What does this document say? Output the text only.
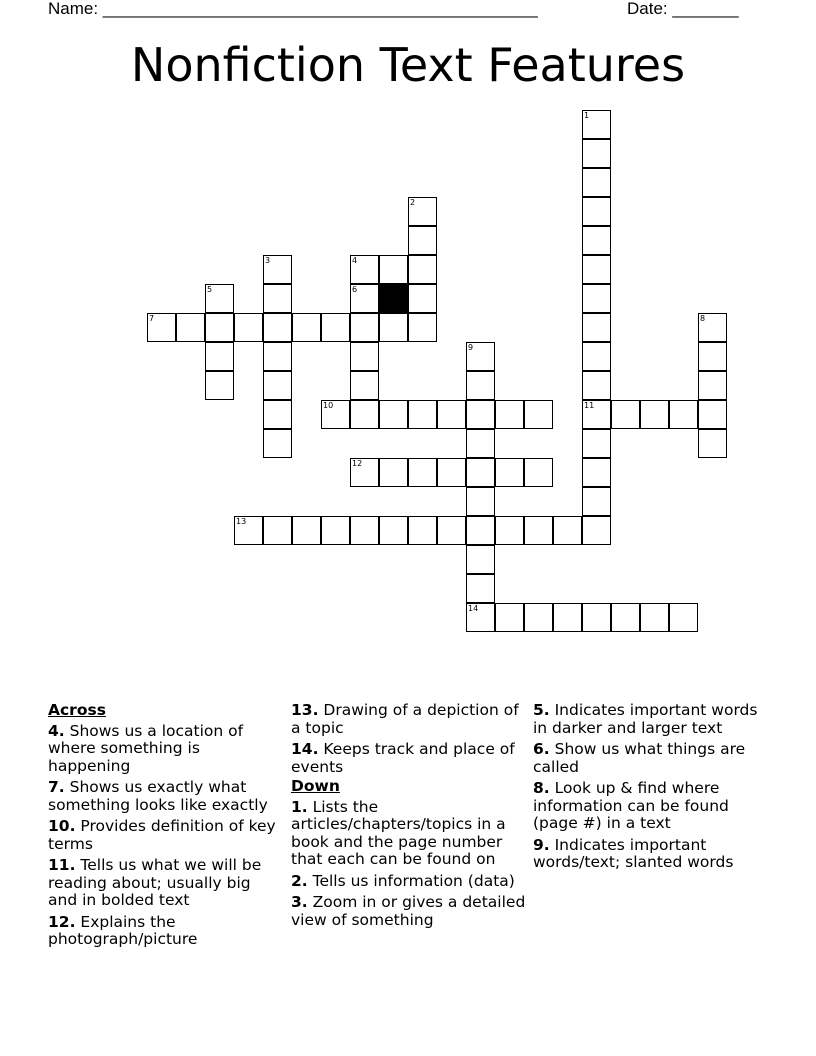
Name: ______________________________________________	Date: _______
Nonfiction Text Features
4
7
10	11
12
13
14
1
2
3
5	6
8
9
Across
4. Shows us a location of where something is happening
7. Shows us exactly what something looks like exactly
10. Provides definition of key terms
11. Tells us what we will be reading about; usually big and in bolded text
12. Explains the photograph/picture
13. Drawing of a depiction of a topic
14. Keeps track and place of events
Down
1. Lists the articles/chapters/topics in a book and the page number that each can be found on
2. Tells us information (data)
3. Zoom in or gives a detailed view of something
5. Indicates important words in darker and larger text
6. Show us what things are called
8. Look up & find where information can be found (page #) in a text
9. Indicates important words/text; slanted words
